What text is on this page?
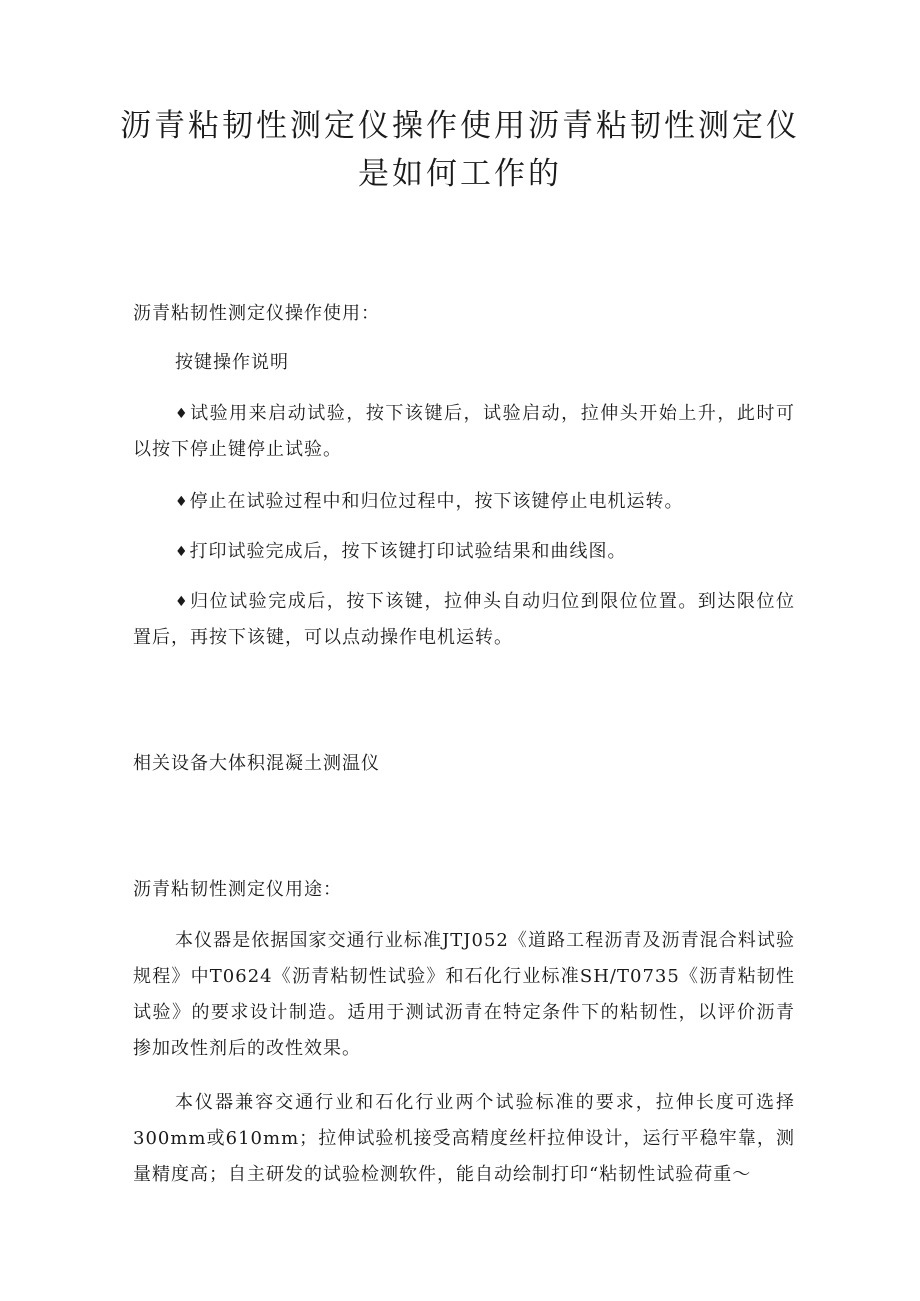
沥青粘韧性测定仪操作使用沥青粘韧性测定仪是如何工作的

沥青粘韧性测定仪操作使用：

按键操作说明

♦试验用来启动试验，按下该键后，试验启动，拉伸头开始上升，此时可以按下停止键停止试验。

♦停止在试验过程中和归位过程中，按下该键停止电机运转。

♦打印试验完成后，按下该键打印试验结果和曲线图。

♦归位试验完成后，按下该键，拉伸头自动归位到限位位置。到达限位位置后，再按下该键，可以点动操作电机运转。

相关设备大体积混凝土测温仪

沥青粘韧性测定仪用途：

本仪器是依据国家交通行业标准JTJ052《道路工程沥青及沥青混合料试验规程》中T0624《沥青粘韧性试验》和石化行业标准SH/T0735《沥青粘韧性试验》的要求设计制造。适用于测试沥青在特定条件下的粘韧性，以评价沥青掺加改性剂后的改性效果。

本仪器兼容交通行业和石化行业两个试验标准的要求，拉伸长度可选择300mm或610mm；拉伸试验机接受高精度丝杆拉伸设计，运行平稳牢靠，测量精度高；自主研发的试验检测软件，能自动绘制打印“粘韧性试验荷重～
